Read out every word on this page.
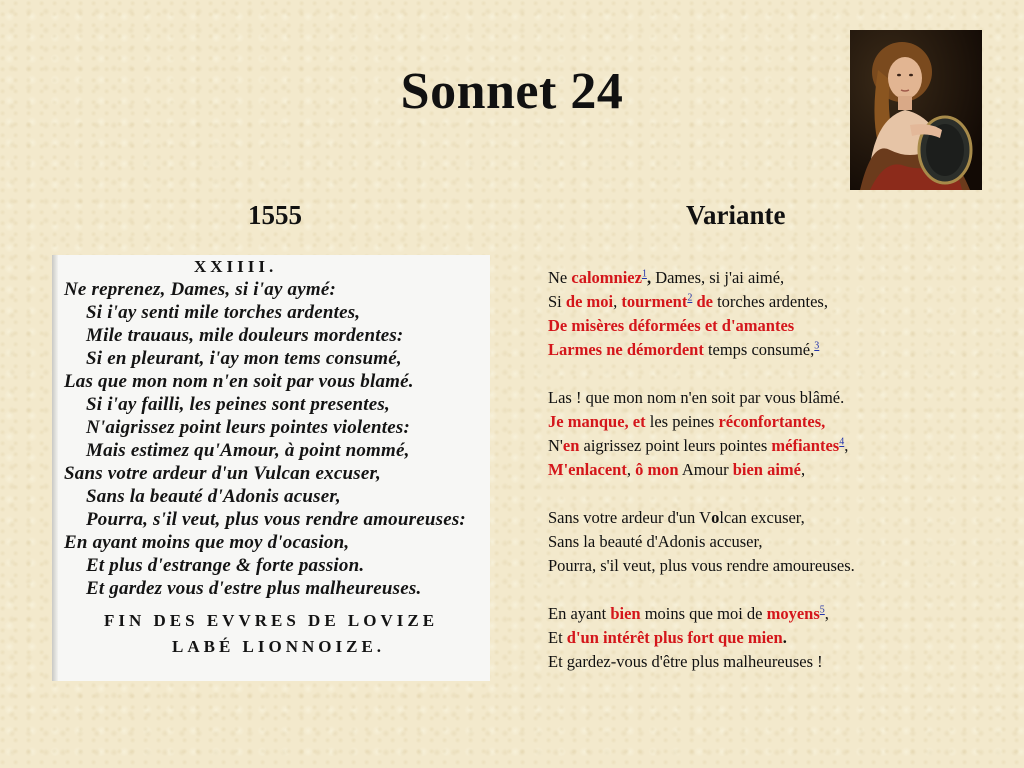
Sonnet 24
1555	Variante
XXIIII.
Ne reprenez, Dames, si i'ay aymé:
Si i'ay senti mile torches ardentes,
Mile trauaus, mile douleurs mordentes:
Si en pleurant, i'ay mon tems consumé,
Las que mon nom n'en soit par vous blamé.
Si i'ay failli, les peines sont presentes,
N'aigrissez point leurs pointes violentes:
Mais estimez qu'Amour, à point nommé,
Sans votre ardeur d'un Vulcan excuser,
Sans la beauté d'Adonis acuser,
Pourra, s'il veut, plus vous rendre amoureuses:
En ayant moins que moy d'ocasion,
Et plus d'estrange & forte passion.
Et gardez vous d'estre plus malheureuses.
FIN DES EVVRES DE LOVIZE
LABÉ LIONNOIZE.
Ne calomniez$^1$, Dames, si j'ai aimé,
Si de moi, tourment$^2$ de torches ardentes,
De misères déformées et d'amantes
Larmes ne démordent temps consumé,$^3$
Las ! que mon nom n'en soit par vous blâmé.
Je manque, et les peines réconfortantes,
N'en aigrissez point leurs pointes méfiantes$^4$,
M'enlacent, ô mon Amour bien aimé,
Sans votre ardeur d'un Volcan excuser,
Sans la beauté d'Adonis accuser,
Pourra, s'il veut, plus vous rendre amoureuses.
En ayant bien moins que moi de moyens$^5$,
Et d'un intérêt plus fort que mien.
Et gardez-vous d'être plus malheureuses !
